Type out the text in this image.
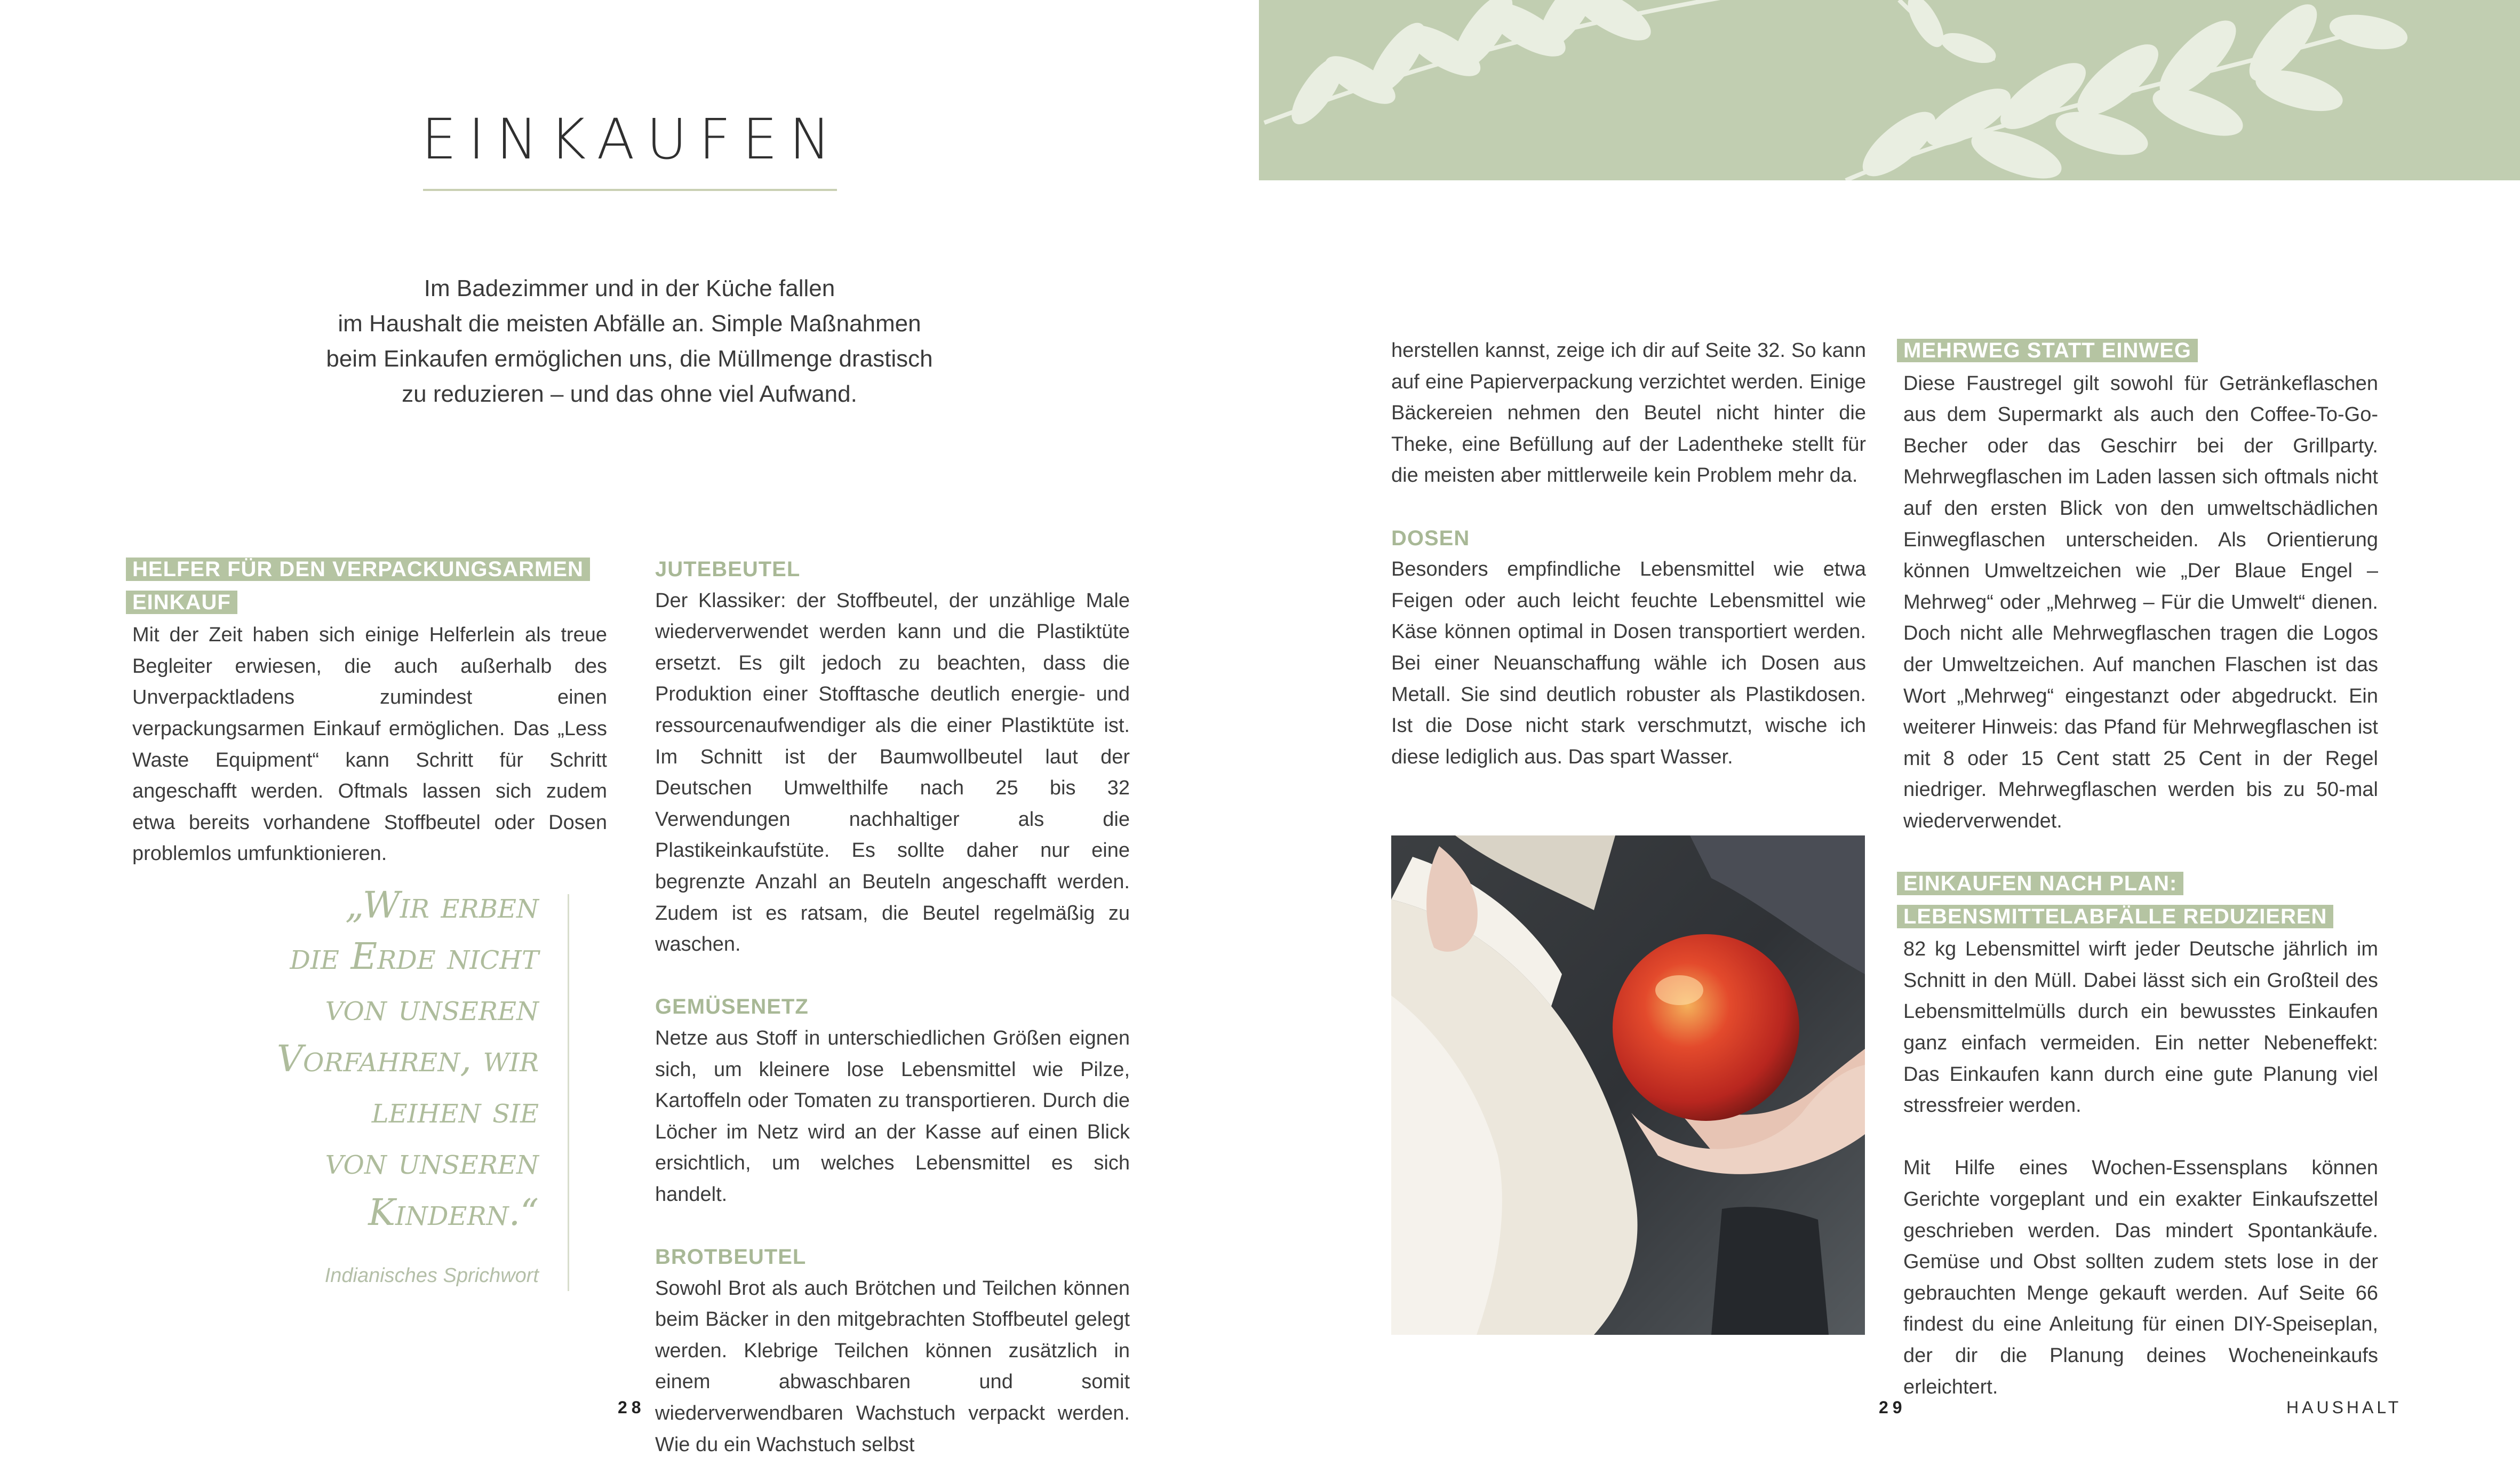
EINKAUFEN

Im Badezimmer und in der Küche fallen

im Haushalt die meisten Abfälle an. Simple Maßnahmen

beim Einkaufen ermöglichen uns, die Müllmenge drastisch

zu reduzieren – und das ohne viel Aufwand.

HELFER FÜR DEN VERPACKUNGSARMEN
EINKAUF

Mit der Zeit haben sich einige Helferlein als treue Begleiter erwiesen, die auch außerhalb des Unverpacktladens zumindest einen verpackungsarmen Einkauf ermöglichen. Das „Less Waste Equipment“ kann Schritt für Schritt angeschafft werden. Oftmals lassen sich zudem etwa bereits vorhandene Stoffbeutel oder Dosen problemlos umfunktionieren.

„Wir erben
die Erde nicht
von unseren
Vorfahren, wir
leihen sie
von unseren
Kindern.“
Indianisches Sprichwort
JUTEBEUTEL

Der Klassiker: der Stoffbeutel, der unzählige Male wiederverwendet werden kann und die Plastiktüte ersetzt. Es gilt jedoch zu beachten, dass die Produktion einer Stofftasche deutlich energie- und ressourcenaufwendiger als die einer Plastiktüte ist. Im Schnitt ist der Baumwollbeutel laut der Deutschen Umwelthilfe nach 25 bis 32 Verwendungen nachhaltiger als die Plastikeinkaufstüte. Es sollte daher nur eine begrenzte Anzahl an Beuteln angeschafft werden. Zudem ist es ratsam, die Beutel regelmäßig zu waschen.

GEMÜSENETZ

Netze aus Stoff in unterschiedlichen Größen eignen sich, um kleinere lose Lebensmittel wie Pilze, Kartoffeln oder Tomaten zu transportieren. Durch die Löcher im Netz wird an der Kasse auf einen Blick ersichtlich, um welches Lebensmittel es sich handelt.

BROTBEUTEL

Sowohl Brot als auch Brötchen und Teilchen können beim Bäcker in den mitgebrachten Stoffbeutel gelegt werden. Klebrige Teilchen können zusätzlich in einem abwaschbaren und somit wiederverwendbaren Wachstuch verpackt werden. Wie du ein Wachstuch selbst

28

herstellen kannst, zeige ich dir auf Seite 32. So kann auf eine Papierverpackung verzichtet werden. Einige Bäckereien nehmen den Beutel nicht hinter die Theke, eine Befüllung auf der Ladentheke stellt für die meisten aber mittlerweile kein Problem mehr da.

DOSEN

Besonders empfindliche Lebensmittel wie etwa Feigen oder auch leicht feuchte Lebensmittel wie Käse können optimal in Dosen transportiert werden. Bei einer Neuanschaffung wähle ich Dosen aus Metall. Sie sind deutlich robuster als Plastikdosen. Ist die Dose nicht stark verschmutzt, wische ich diese lediglich aus. Das spart Wasser.

MEHRWEG STATT EINWEG

Diese Faustregel gilt sowohl für Getränkeflaschen aus dem Supermarkt als auch den Coffee-To-Go-Becher oder das Geschirr bei der Grillparty. Mehrwegflaschen im Laden lassen sich oftmals nicht auf den ersten Blick von den umweltschädlichen Einwegflaschen unterscheiden. Als Orientierung können Umweltzeichen wie „Der Blaue Engel – Mehrweg“ oder „Mehrweg – Für die Umwelt“ dienen. Doch nicht alle Mehrwegflaschen tragen die Logos der Umweltzeichen. Auf manchen Flaschen ist das Wort „Mehrweg“ eingestanzt oder abgedruckt. Ein weiterer Hinweis: das Pfand für Mehrwegflaschen ist mit 8 oder 15 Cent statt 25 Cent in der Regel niedriger. Mehrwegflaschen werden bis zu 50-mal wiederverwendet.

EINKAUFEN NACH PLAN:
LEBENSMITTELABFÄLLE REDUZIEREN

82 kg Lebensmittel wirft jeder Deutsche jährlich im Schnitt in den Müll. Dabei lässt sich ein Großteil des Lebensmittelmülls durch ein bewusstes Einkaufen ganz einfach vermeiden. Ein netter Nebeneffekt: Das Einkaufen kann durch eine gute Planung viel stressfreier werden.

Mit Hilfe eines Wochen-Essensplans können Gerichte vorgeplant und ein exakter Einkaufszettel geschrieben werden. Das mindert Spontankäufe. Gemüse und Obst sollten zudem stets lose in der gebrauchten Menge gekauft werden. Auf Seite 66 findest du eine Anleitung für einen DIY-Speiseplan, der dir die Planung deines Wocheneinkaufs erleichtert.

29	HAUSHALT
